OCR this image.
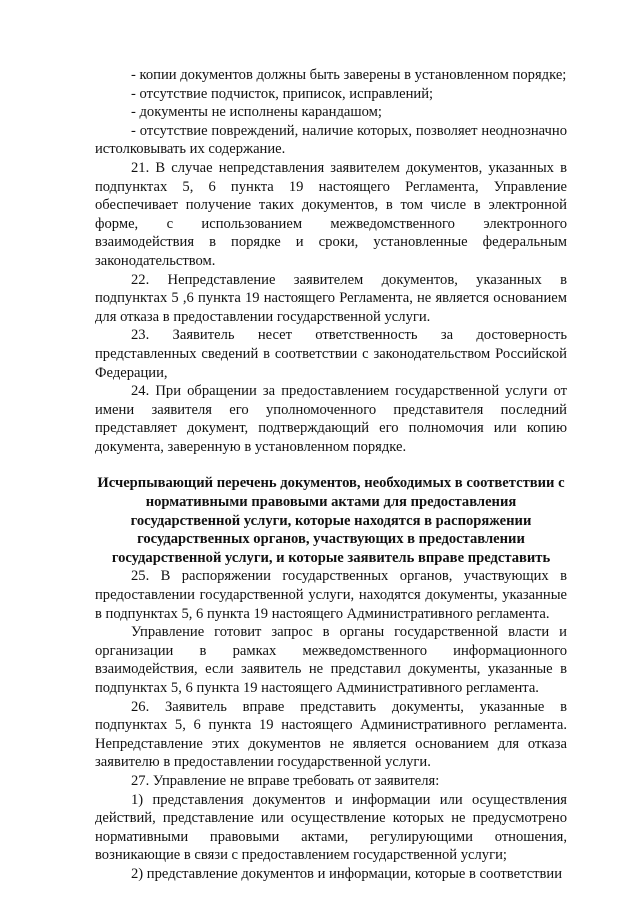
- копии документов должны быть заверены в установленном порядке;

- отсутствие подчисток, приписок, исправлений;

- документы не исполнены карандашом;

- отсутствие повреждений, наличие которых, позволяет неоднозначно истолковывать их содержание.

21. В случае непредставления заявителем документов, указанных в подпунктах 5, 6 пункта 19 настоящего Регламента, Управление обеспечивает получение таких документов, в том числе в электронной форме, с использованием межведомственного электронного взаимодействия в порядке и сроки, установленные федеральным законодательством.

22. Непредставление заявителем документов, указанных в подпунктах 5 ,6 пункта 19 настоящего Регламента, не является основанием для отказа в предоставлении государственной услуги.

23. Заявитель несет ответственность за достоверность представленных сведений в соответствии с законодательством Российской Федерации,

24. При обращении за предоставлением государственной услуги от имени заявителя его уполномоченного представителя последний представляет документ, подтверждающий его полномочия или копию документа, заверенную в установленном порядке.

Исчерпывающий перечень документов, необходимых в соответствии с нормативными правовыми актами для предоставления государственной услуги, которые находятся в распоряжении государственных органов, участвующих в предоставлении государственной услуги, и которые заявитель вправе представить

25. В распоряжении государственных органов, участвующих в предоставлении государственной услуги, находятся документы, указанные в подпунктах 5, 6 пункта 19 настоящего Административного регламента.

Управление готовит запрос в органы государственной власти и организации в рамках межведомственного информационного взаимодействия, если заявитель не представил документы, указанные в подпунктах 5, 6 пункта 19 настоящего Административного регламента.

26. Заявитель вправе представить документы, указанные в подпунктах 5, 6 пункта 19 настоящего Административного регламента. Непредставление этих документов не является основанием для отказа заявителю в предоставлении государственной услуги.

27. Управление не вправе требовать от заявителя:

1) представления документов и информации или осуществления действий, представление или осуществление которых не предусмотрено нормативными правовыми актами, регулирующими отношения, возникающие в связи с предоставлением государственной услуги;

2) представление документов и информации, которые в соответствии
